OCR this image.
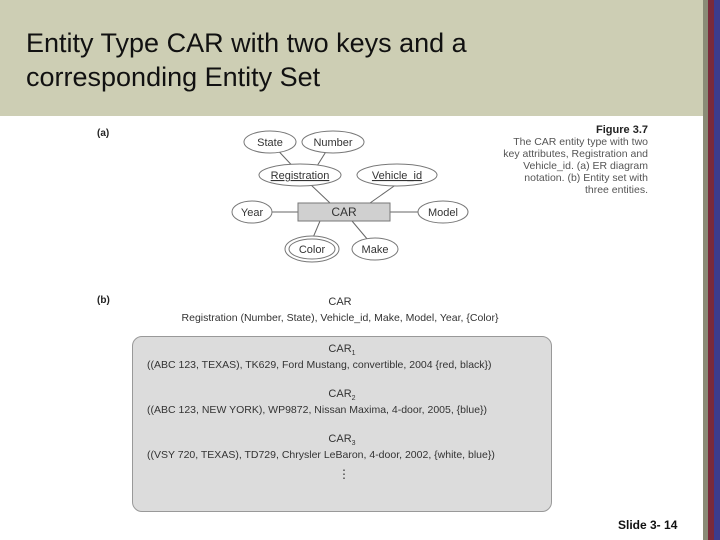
Entity Type CAR with two keys and a
corresponding Entity Set
(a)
(b)
Figure 3.7
The CAR entity type with two
key attributes, Registration and
Vehicle_id. (a) ER diagram
notation. (b) Entity set with
three entities.
CAR
State	Number
Registration	Vehicle_id
Year	Model
Color	Make
CAR
Registration (Number, State), Vehicle_id, Make, Model, Year, {Color}
$CAR_1$
((ABC 123, TEXAS), TK629, Ford Mustang, convertible, 2004 {red, black})
$CAR_2$
((ABC 123, NEW YORK), WP9872, Nissan Maxima, 4-door, 2005, {blue})
$CAR_3$
((VSY 720, TEXAS), TD729, Chrysler LeBaron, 4-door, 2002, {white, blue})
⋮
Slide 3- 14
